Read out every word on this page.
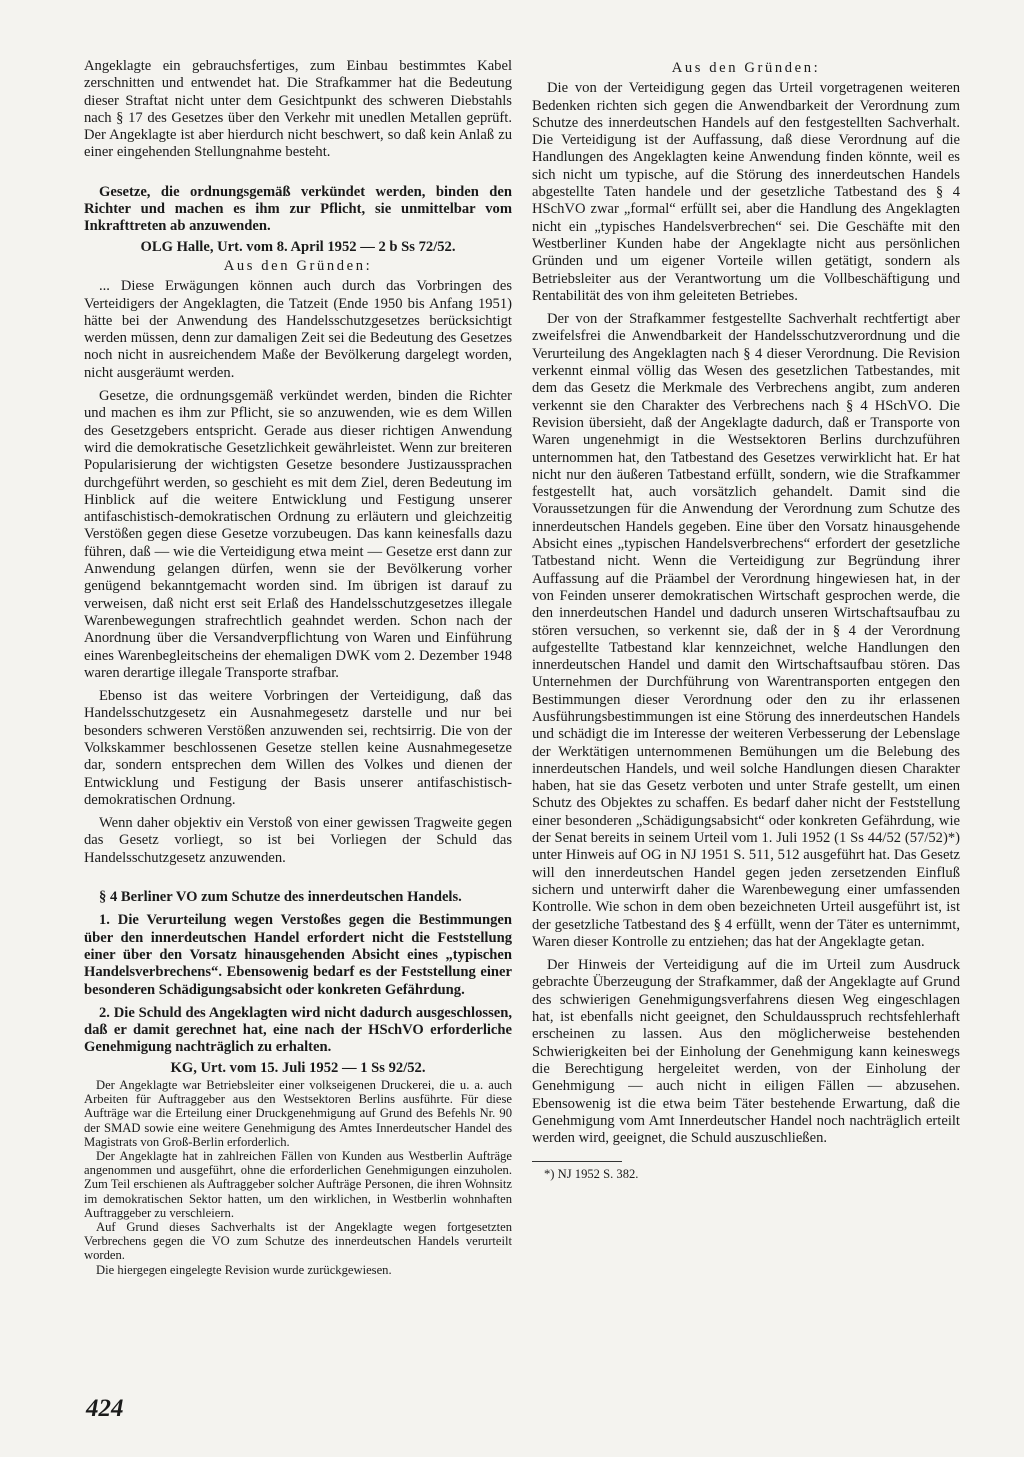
Angeklagte ein gebrauchsfertiges, zum Einbau bestimmtes Kabel zerschnitten und entwendet hat. Die Strafkammer hat die Bedeutung dieser Straftat nicht unter dem Gesichtpunkt des schweren Diebstahls nach § 17 des Gesetzes über den Verkehr mit unedlen Metallen geprüft. Der Angeklagte ist aber hierdurch nicht beschwert, so daß kein Anlaß zu einer eingehenden Stellungnahme besteht.

Gesetze, die ordnungsgemäß verkündet werden, binden den Richter und machen es ihm zur Pflicht, sie unmittelbar vom Inkrafttreten ab anzuwenden.

OLG Halle, Urt. vom 8. April 1952 — 2 b Ss 72/52.

Aus den Gründen:

... Diese Erwägungen können auch durch das Vorbringen des Verteidigers der Angeklagten, die Tatzeit (Ende 1950 bis Anfang 1951) hätte bei der Anwendung des Handelsschutzgesetzes berücksichtigt werden müssen, denn zur damaligen Zeit sei die Bedeutung des Gesetzes noch nicht in ausreichendem Maße der Bevölkerung dargelegt worden, nicht ausgeräumt werden.

Gesetze, die ordnungsgemäß verkündet werden, binden die Richter und machen es ihm zur Pflicht, sie so anzuwenden, wie es dem Willen des Gesetzgebers entspricht. Gerade aus dieser richtigen Anwendung wird die demokratische Gesetzlichkeit gewährleistet. Wenn zur breiteren Popularisierung der wichtigsten Gesetze besondere Justizaussprachen durchgeführt werden, so geschieht es mit dem Ziel, deren Bedeutung im Hinblick auf die weitere Entwicklung und Festigung unserer antifaschistisch-demokratischen Ordnung zu erläutern und gleichzeitig Verstößen gegen diese Gesetze vorzubeugen. Das kann keinesfalls dazu führen, daß — wie die Verteidigung etwa meint — Gesetze erst dann zur Anwendung gelangen dürfen, wenn sie der Bevölkerung vorher genügend bekanntgemacht worden sind. Im übrigen ist darauf zu verweisen, daß nicht erst seit Erlaß des Handelsschutzgesetzes illegale Warenbewegungen strafrechtlich geahndet werden. Schon nach der Anordnung über die Versandverpflichtung von Waren und Einführung eines Warenbegleitscheins der ehemaligen DWK vom 2. Dezember 1948 waren derartige illegale Transporte strafbar.

Ebenso ist das weitere Vorbringen der Verteidigung, daß das Handelsschutzgesetz ein Ausnahmegesetz darstelle und nur bei besonders schweren Verstößen anzuwenden sei, rechtsirrig. Die von der Volkskammer beschlossenen Gesetze stellen keine Ausnahmegesetze dar, sondern entsprechen dem Willen des Volkes und dienen der Entwicklung und Festigung der Basis unserer antifaschistisch-demokratischen Ordnung.

Wenn daher objektiv ein Verstoß von einer gewissen Tragweite gegen das Gesetz vorliegt, so ist bei Vorliegen der Schuld das Handelsschutzgesetz anzuwenden.

§ 4 Berliner VO zum Schutze des innerdeutschen Handels.

1. Die Verurteilung wegen Verstoßes gegen die Bestimmungen über den innerdeutschen Handel erfordert nicht die Feststellung einer über den Vorsatz hinausgehenden Absicht eines „typischen Handelsverbrechens“. Ebensowenig bedarf es der Feststellung einer besonderen Schädigungsabsicht oder konkreten Gefährdung.

2. Die Schuld des Angeklagten wird nicht dadurch ausgeschlossen, daß er damit gerechnet hat, eine nach der HSchVO erforderliche Genehmigung nachträglich zu erhalten.

KG, Urt. vom 15. Juli 1952 — 1 Ss 92/52.

Der Angeklagte war Betriebsleiter einer volkseigenen Druckerei, die u. a. auch Arbeiten für Auftraggeber aus den Westsektoren Berlins ausführte. Für diese Aufträge war die Erteilung einer Druckgenehmigung auf Grund des Befehls Nr. 90 der SMAD sowie eine weitere Genehmigung des Amtes Innerdeutscher Handel des Magistrats von Groß-Berlin erforderlich.

Der Angeklagte hat in zahlreichen Fällen von Kunden aus Westberlin Aufträge angenommen und ausgeführt, ohne die erforderlichen Genehmigungen einzuholen. Zum Teil erschienen als Auftraggeber solcher Aufträge Personen, die ihren Wohnsitz im demokratischen Sektor hatten, um den wirklichen, in Westberlin wohnhaften Auftraggeber zu verschleiern.

Auf Grund dieses Sachverhalts ist der Angeklagte wegen fortgesetzten Verbrechens gegen die VO zum Schutze des innerdeutschen Handels verurteilt worden.

Die hiergegen eingelegte Revision wurde zurückgewiesen.

Aus den Gründen:

Die von der Verteidigung gegen das Urteil vorgetragenen weiteren Bedenken richten sich gegen die Anwendbarkeit der Verordnung zum Schutze des innerdeutschen Handels auf den festgestellten Sachverhalt. Die Verteidigung ist der Auffassung, daß diese Verordnung auf die Handlungen des Angeklagten keine Anwendung finden könnte, weil es sich nicht um typische, auf die Störung des innerdeutschen Handels abgestellte Taten handele und der gesetzliche Tatbestand des § 4 HSchVO zwar „formal“ erfüllt sei, aber die Handlung des Angeklagten nicht ein „typisches Handelsverbrechen“ sei. Die Geschäfte mit den Westberliner Kunden habe der Angeklagte nicht aus persönlichen Gründen und um eigener Vorteile willen getätigt, sondern als Betriebsleiter aus der Verantwortung um die Vollbeschäftigung und Rentabilität des von ihm geleiteten Betriebes.

Der von der Strafkammer festgestellte Sachverhalt rechtfertigt aber zweifelsfrei die Anwendbarkeit der Handelsschutzverordnung und die Verurteilung des Angeklagten nach § 4 dieser Verordnung. Die Revision verkennt einmal völlig das Wesen des gesetzlichen Tatbestandes, mit dem das Gesetz die Merkmale des Verbrechens angibt, zum anderen verkennt sie den Charakter des Verbrechens nach § 4 HSchVO. Die Revision übersieht, daß der Angeklagte dadurch, daß er Transporte von Waren ungenehmigt in die Westsektoren Berlins durchzuführen unternommen hat, den Tatbestand des Gesetzes verwirklicht hat. Er hat nicht nur den äußeren Tatbestand erfüllt, sondern, wie die Strafkammer festgestellt hat, auch vorsätzlich gehandelt. Damit sind die Voraussetzungen für die Anwendung der Verordnung zum Schutze des innerdeutschen Handels gegeben. Eine über den Vorsatz hinausgehende Absicht eines „typischen Handelsverbrechens“ erfordert der gesetzliche Tatbestand nicht. Wenn die Verteidigung zur Begründung ihrer Auffassung auf die Präambel der Verordnung hingewiesen hat, in der von Feinden unserer demokratischen Wirtschaft gesprochen werde, die den innerdeutschen Handel und dadurch unseren Wirtschaftsaufbau zu stören versuchen, so verkennt sie, daß der in § 4 der Verordnung aufgestellte Tatbestand klar kennzeichnet, welche Handlungen den innerdeutschen Handel und damit den Wirtschaftsaufbau stören. Das Unternehmen der Durchführung von Warentransporten entgegen den Bestimmungen dieser Verordnung oder den zu ihr erlassenen Ausführungsbestimmungen ist eine Störung des innerdeutschen Handels und schädigt die im Interesse der weiteren Verbesserung der Lebenslage der Werktätigen unternommenen Bemühungen um die Belebung des innerdeutschen Handels, und weil solche Handlungen diesen Charakter haben, hat sie das Gesetz verboten und unter Strafe gestellt, um einen Schutz des Objektes zu schaffen. Es bedarf daher nicht der Feststellung einer besonderen „Schädigungsabsicht“ oder konkreten Gefährdung, wie der Senat bereits in seinem Urteil vom 1. Juli 1952 (1 Ss 44/52 (57/52)*) unter Hinweis auf OG in NJ 1951 S. 511, 512 ausgeführt hat. Das Gesetz will den innerdeutschen Handel gegen jeden zersetzenden Einfluß sichern und unterwirft daher die Warenbewegung einer umfassenden Kontrolle. Wie schon in dem oben bezeichneten Urteil ausgeführt ist, ist der gesetzliche Tatbestand des § 4 erfüllt, wenn der Täter es unternimmt, Waren dieser Kontrolle zu entziehen; das hat der Angeklagte getan.

Der Hinweis der Verteidigung auf die im Urteil zum Ausdruck gebrachte Überzeugung der Strafkammer, daß der Angeklagte auf Grund des schwierigen Genehmigungsverfahrens diesen Weg eingeschlagen hat, ist ebenfalls nicht geeignet, den Schuldausspruch rechtsfehlerhaft erscheinen zu lassen. Aus den möglicherweise bestehenden Schwierigkeiten bei der Einholung der Genehmigung kann keineswegs die Berechtigung hergeleitet werden, von der Einholung der Genehmigung — auch nicht in eiligen Fällen — abzusehen. Ebensowenig ist die etwa beim Täter bestehende Erwartung, daß die Genehmigung vom Amt Innerdeutscher Handel noch nachträglich erteilt werden wird, geeignet, die Schuld auszuschließen.

*) NJ 1952 S. 382.

424
